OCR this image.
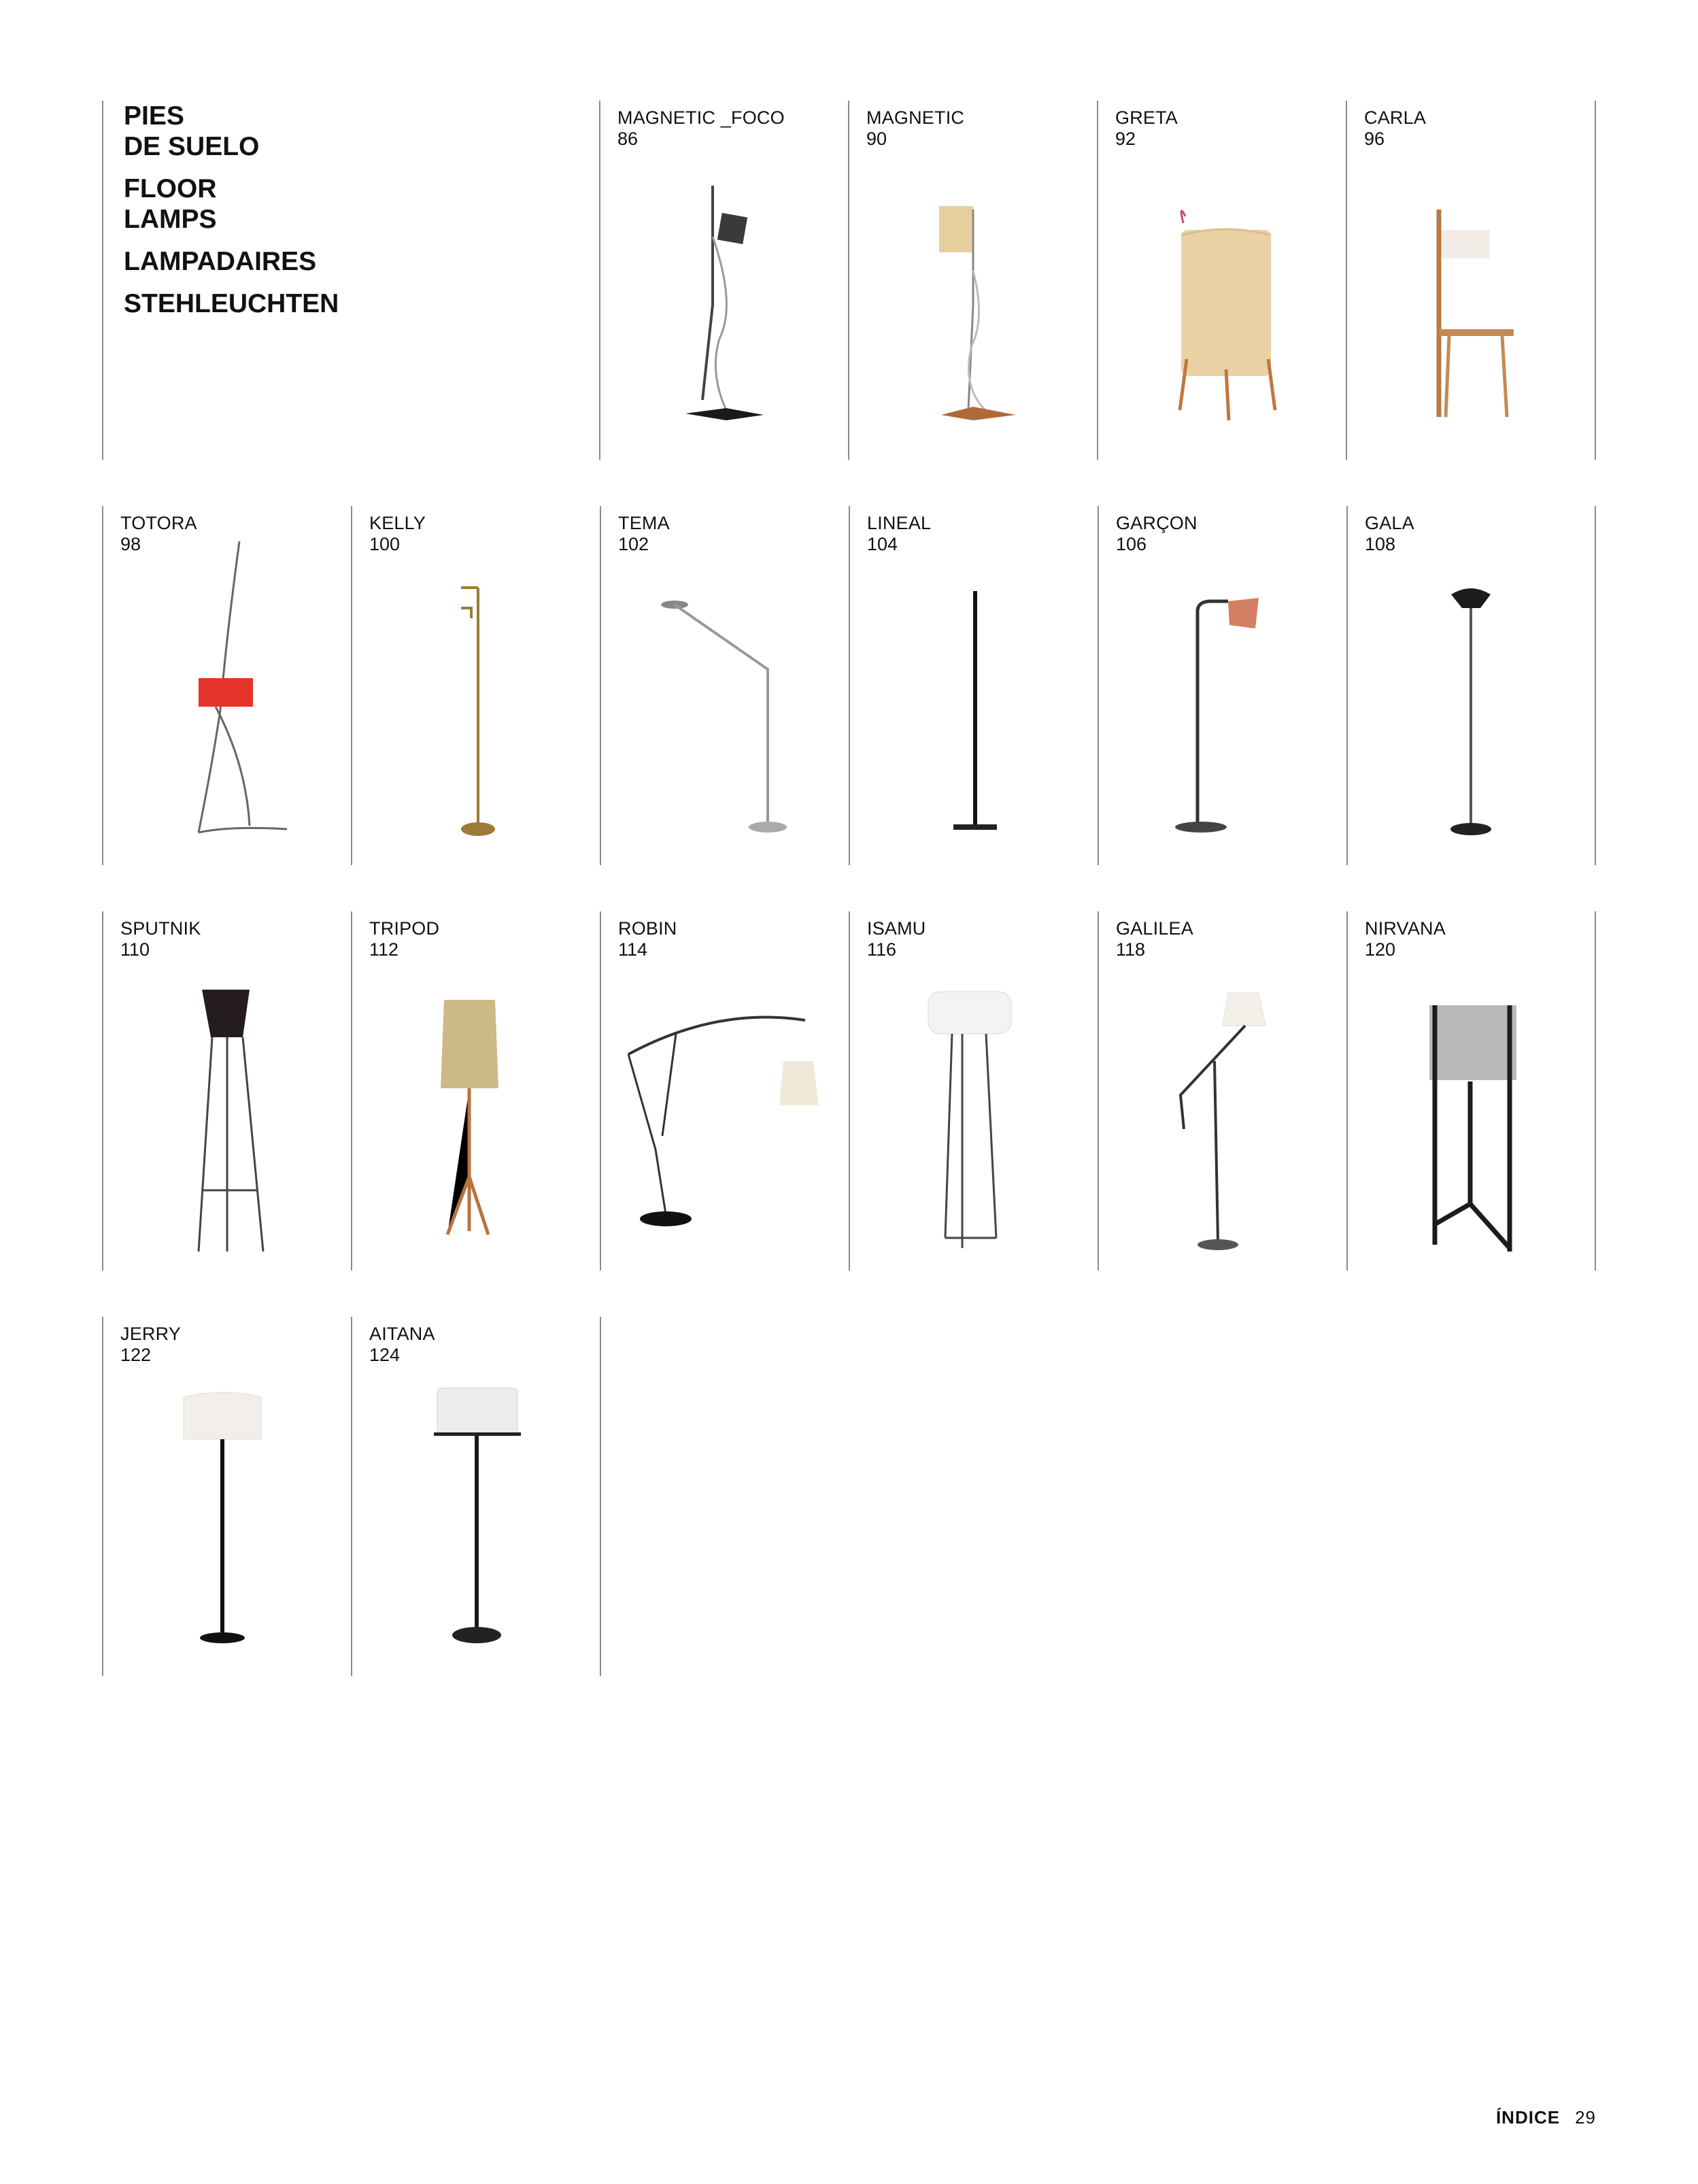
PIES
DE SUELO
FLOOR
LAMPS
LAMPADAIRES
STEHLEUCHTEN
MAGNETIC _FOCO
86
MAGNETIC
90
GRETA
92
CARLA
96
TOTORA
98
KELLY
100
TEMA
102
LINEAL
104
GARÇON
106
GALA
108
SPUTNIK
110
TRIPOD
112
ROBIN
114
ISAMU
116
GALILEA
118
NIRVANA
120
JERRY
122
AITANA
124
ÍNDICE 29
